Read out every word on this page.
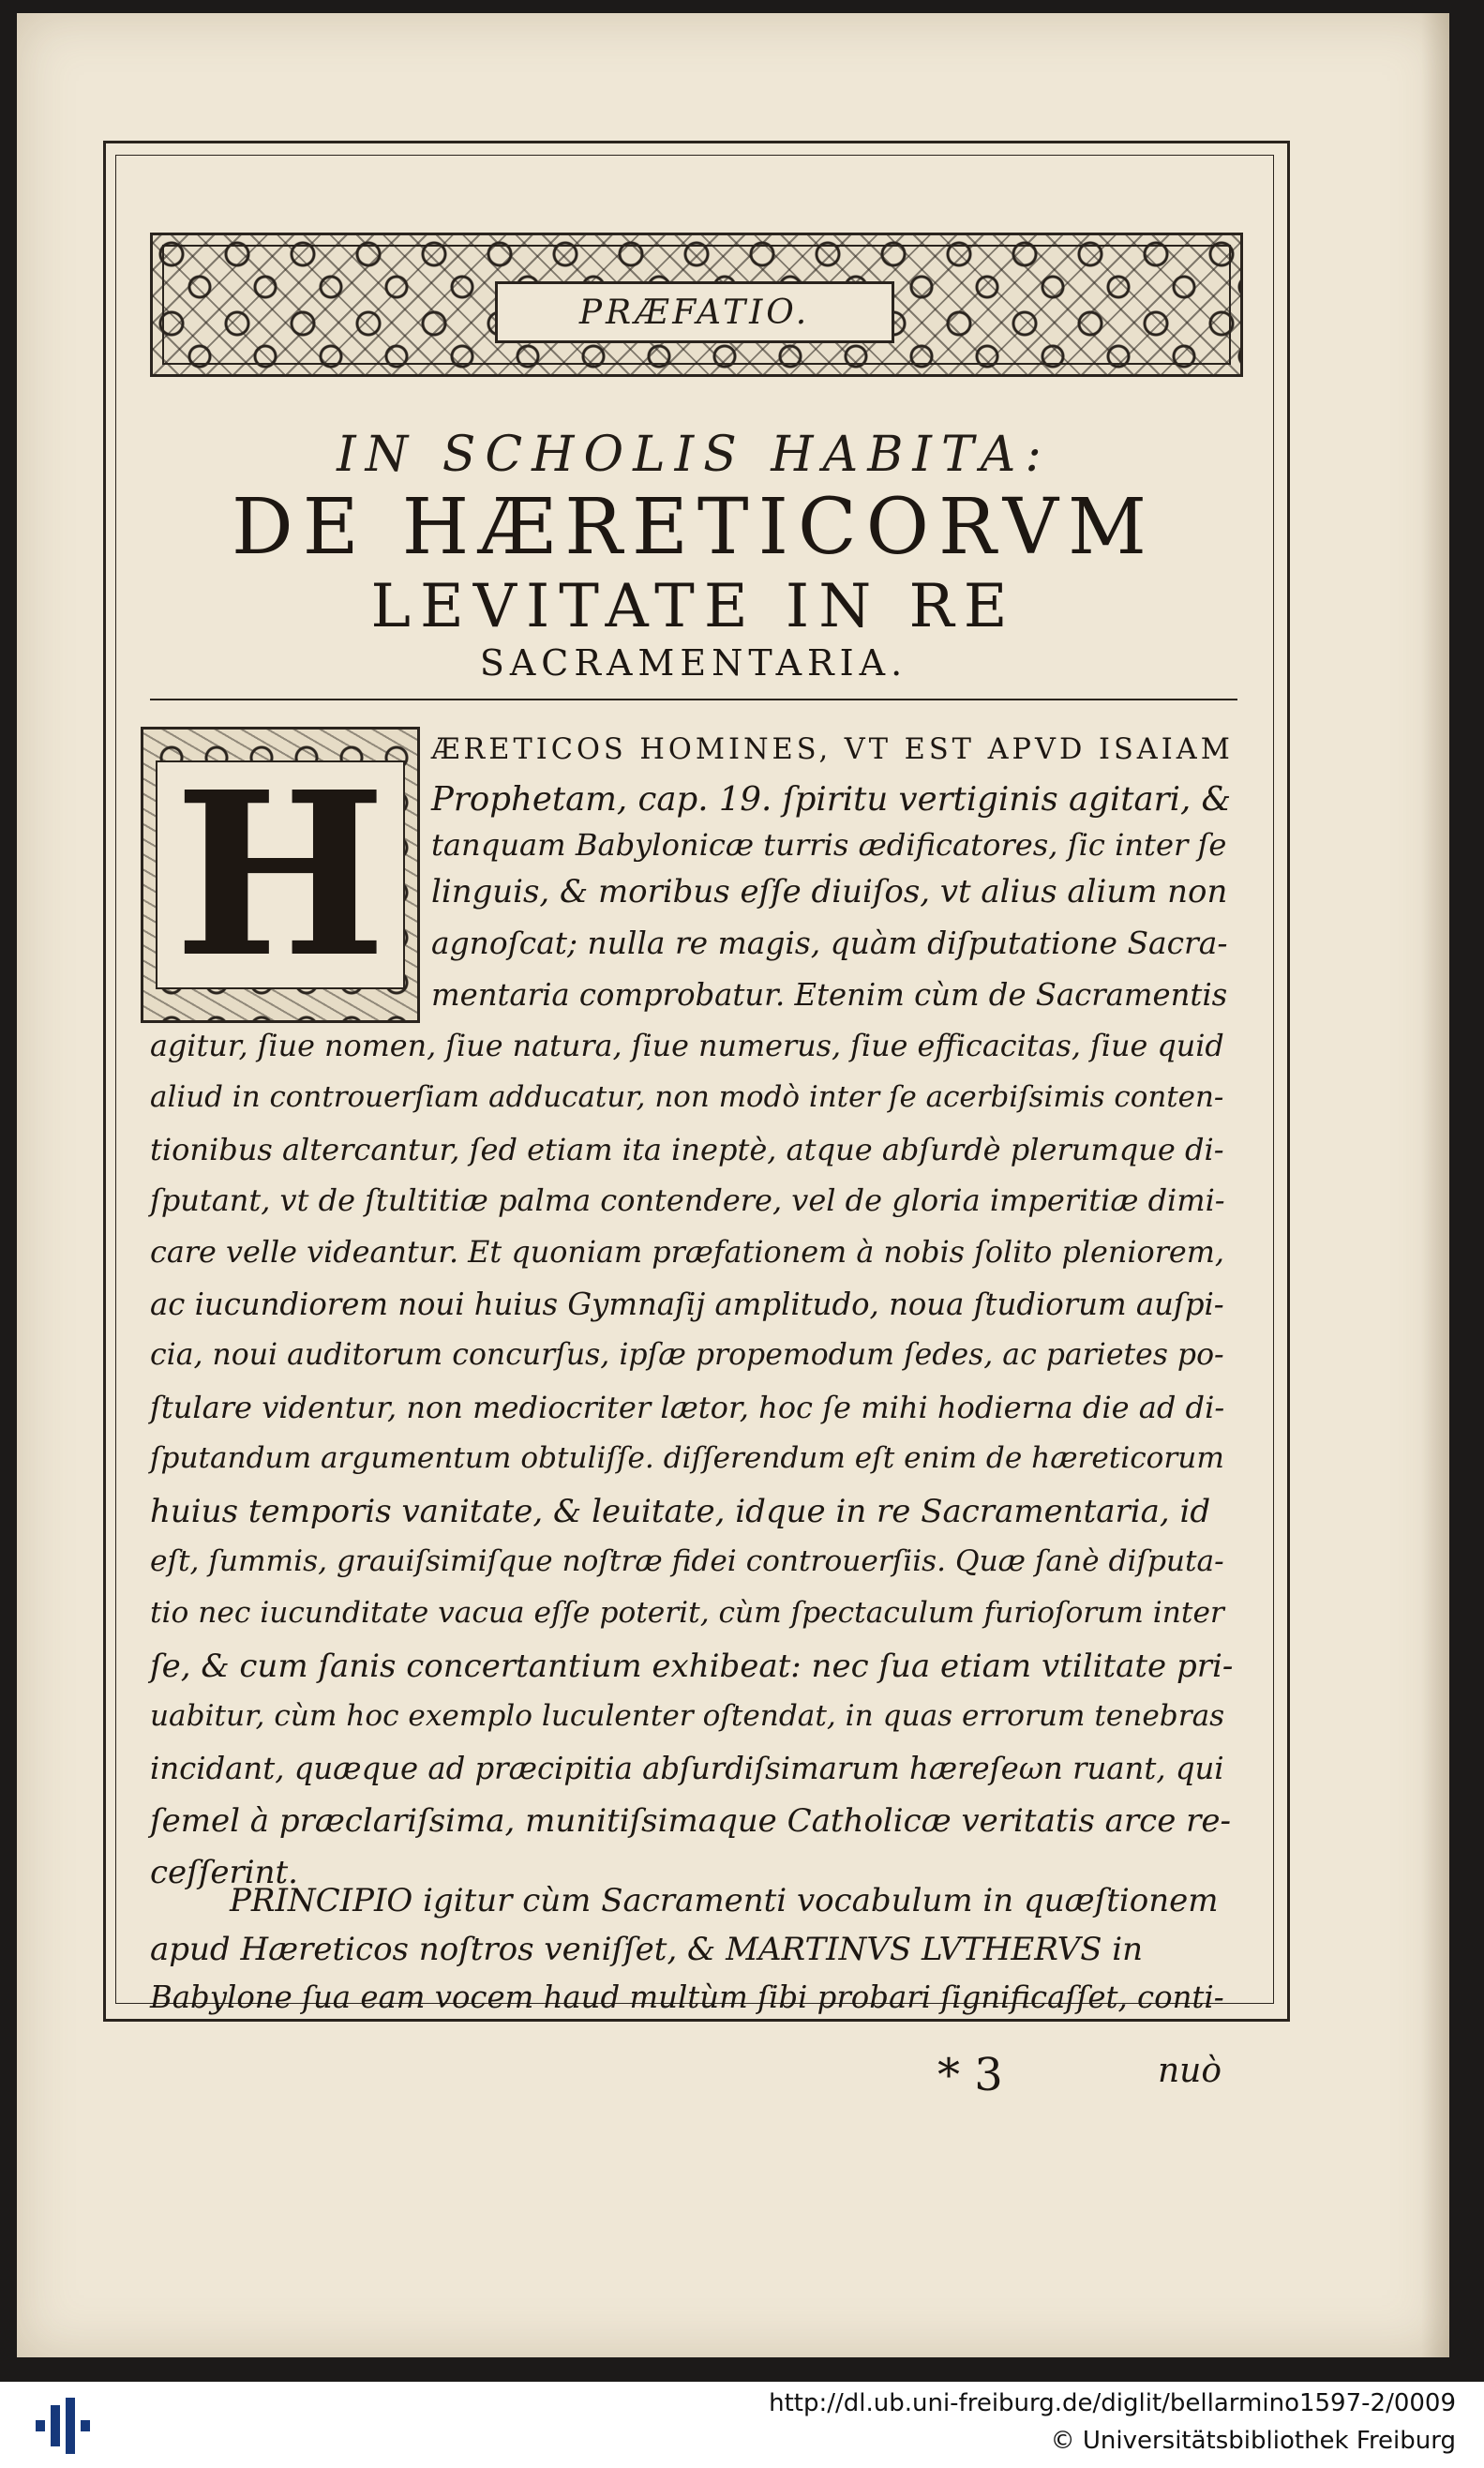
PRÆFATIO.
IN SCHOLIS HABITA:
DE HÆRETICORVM
LEVITATE IN RE
SACRAMENTARIA.
H	ÆRETICOS HOMINES, VT EST APVD ISAIAM
Prophetam, cap. 19. ſpiritu vertiginis agitari, &
tanquam Babylonicæ turris ædificatores, ſic inter ſe
linguis, & moribus eſſe diuiſos, vt alius alium non
agnoſcat; nulla re magis, quàm diſputatione Sacra-
mentaria comprobatur. Etenim cùm de Sacramentis
agitur, ſiue nomen, ſiue natura, ſiue numerus, ſiue efficacitas, ſiue quid
aliud in controuerſiam adducatur, non modò inter ſe acerbiſsimis conten-
tionibus altercantur, ſed etiam ita ineptè, atque abſurdè plerumque di-
ſputant, vt de ſtultitiæ palma contendere, vel de gloria imperitiæ dimi-
care velle videantur. Et quoniam præfationem à nobis ſolito pleniorem,
ac iucundiorem noui huius Gymnaſij amplitudo, noua ſtudiorum auſpi-
cia, noui auditorum concurſus, ipſæ propemodum ſedes, ac parietes po-
ſtulare videntur, non mediocriter lætor, hoc ſe mihi hodierna die ad di-
ſputandum argumentum obtuliſſe. diſſerendum eſt enim de hæreticorum
huius temporis vanitate, & leuitate, idque in re Sacramentaria, id
eſt, ſummis, grauiſsimiſque noſtræ fidei controuerſiis. Quæ ſanè diſputa-
tio nec iucunditate vacua eſſe poterit, cùm ſpectaculum furioſorum inter
ſe, & cum ſanis concertantium exhibeat: nec ſua etiam vtilitate pri-
uabitur, cùm hoc exemplo luculenter oſtendat, in quas errorum tenebras
incidant, quæque ad præcipitia abſurdiſsimarum hæreſeωn ruant, qui
ſemel à præclariſsima, munitiſsimaque Catholicæ veritatis arce re-
ceſſerint.
PRINCIPIO igitur cùm Sacramenti vocabulum in quæſtionem
apud Hæreticos noſtros veniſſet, & MARTINVS LVTHERVS in
Babylone ſua eam vocem haud multùm ſibi probari ſignificaſſet, conti-
* 3	nuò
http://dl.ub.uni-freiburg.de/diglit/bellarmino1597-2/0009
© Universitätsbibliothek Freiburg
